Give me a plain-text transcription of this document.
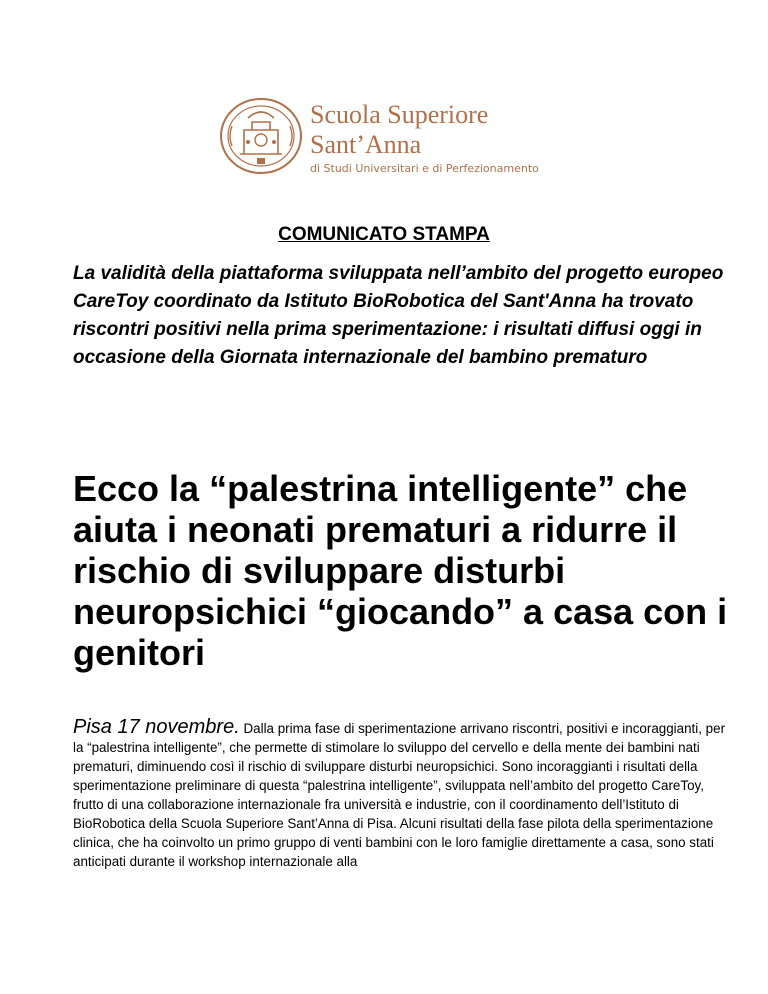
Scuola Superiore
Sant’Anna
di Studi Universitari e di Perfezionamento
COMUNICATO STAMPA
La validità della piattaforma sviluppata nell’ambito del progetto europeo CareToy coordinato da Istituto BioRobotica del Sant'Anna ha trovato riscontri positivi nella prima sperimentazione: i risultati diffusi oggi in occasione della Giornata internazionale del bambino prematuro
Ecco la “palestrina intelligente” che aiuta i neonati prematuri a ridurre il rischio di sviluppare disturbi neuropsichici “giocando” a casa con i genitori
Pisa 17 novembre. Dalla prima fase di sperimentazione arrivano riscontri, positivi e incoraggianti, per la “palestrina intelligente”, che permette di stimolare lo sviluppo del cervello e della mente dei bambini nati prematuri, diminuendo così il rischio di sviluppare disturbi neuropsichici. Sono incoraggianti i risultati della sperimentazione preliminare di questa “palestrina intelligente”, sviluppata nell’ambito del progetto CareToy, frutto di una collaborazione internazionale fra università e industrie, con il coordinamento dell’Istituto di BioRobotica della Scuola Superiore Sant’Anna di Pisa. Alcuni risultati della fase pilota della sperimentazione clinica, che ha coinvolto un primo gruppo di venti bambini con le loro famiglie direttamente a casa, sono stati anticipati durante il workshop internazionale alla
